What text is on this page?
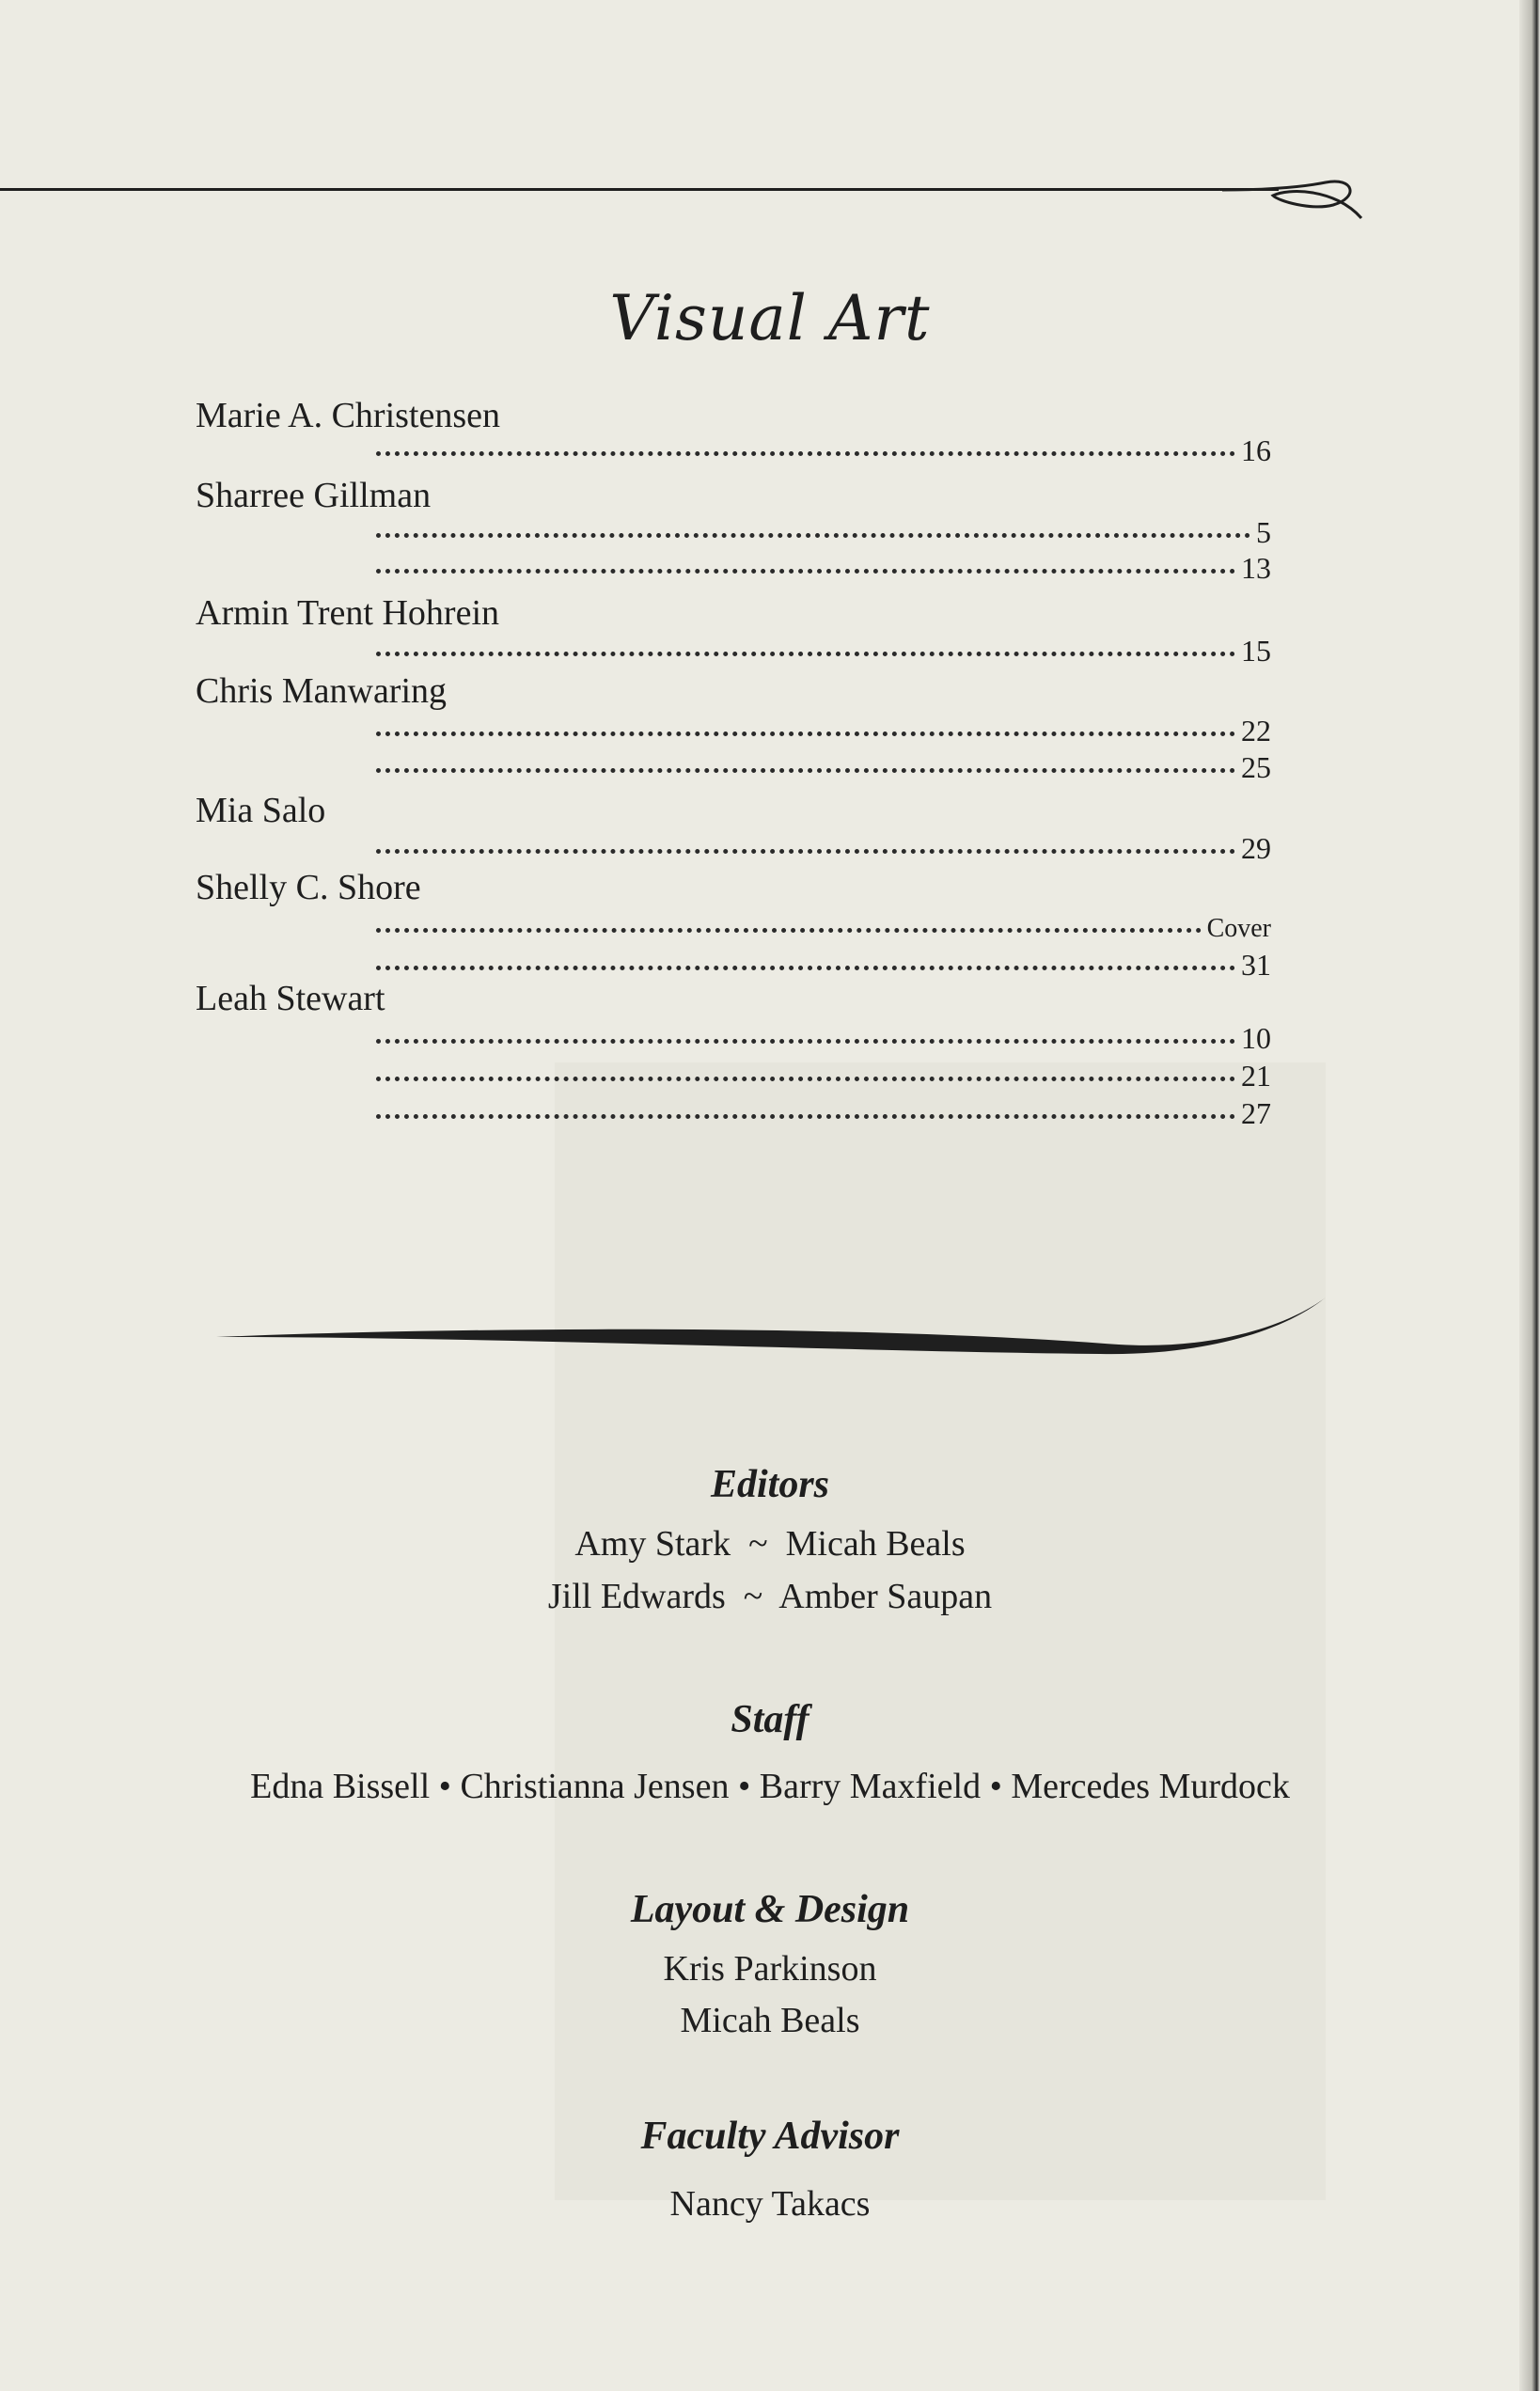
Visual Art
Marie A. Christensen
16
Sharree Gillman
5
13
Armin Trent Hohrein
15
Chris Manwaring
22
25
Mia Salo
29
Shelly C. Shore
Cover
31
Leah Stewart
10
21
27
Editors
Amy Stark  ~  Micah Beals
Jill Edwards  ~  Amber Saupan
Staff
Edna Bissell • Christianna Jensen • Barry Maxfield • Mercedes Murdock
Layout & Design
Kris Parkinson
Micah Beals
Faculty Advisor
Nancy Takacs
